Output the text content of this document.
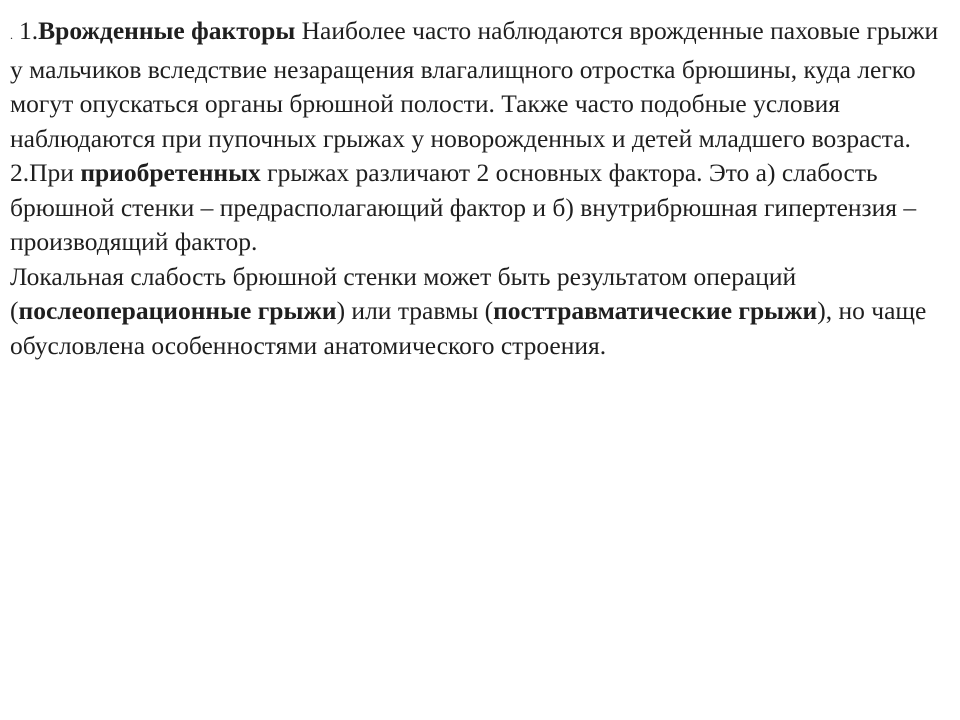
. 1.Врожденные факторы Наиболее часто наблюдаются врожденные паховые грыжи у мальчиков вследствие незаращения влагалищного отростка брюшины, куда легко могут опускаться органы брюшной полости. Также часто подобные условия наблюдаются при пупочных грыжах у новорожденных и детей младшего возраста. 2.При приобретенных грыжах различают 2 основных фактора. Это а) слабость брюшной стенки – предрасполагающий фактор и б) внутрибрюшная гипертензия – производящий фактор.

Локальная слабость брюшной стенки может быть результатом операций (послеоперационные грыжи) или травмы (посттравматические грыжи), но чаще обусловлена особенностями анатомического строения.
